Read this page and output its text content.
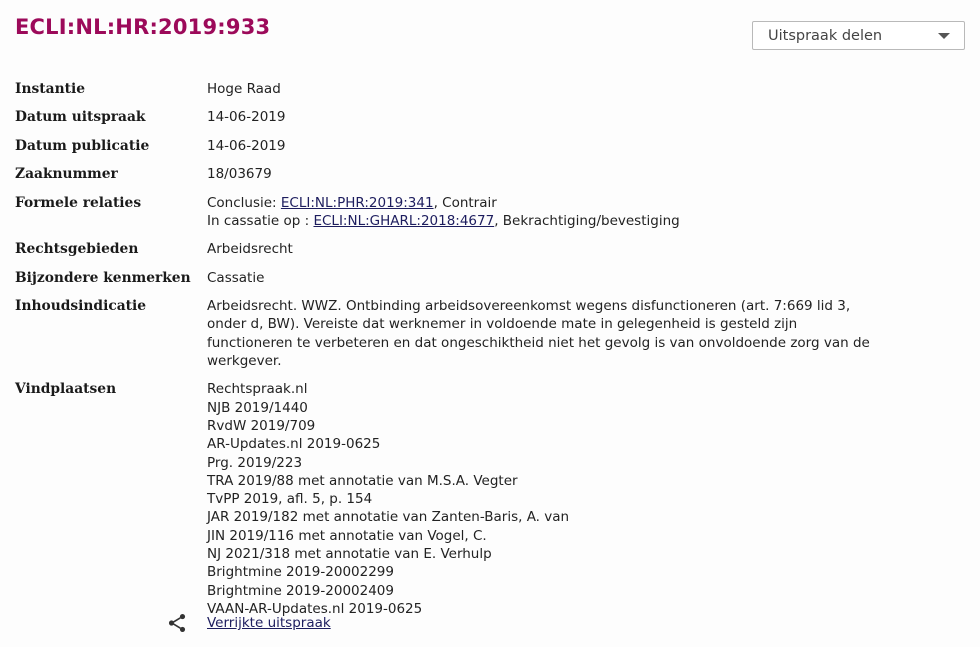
ECLI:NL:HR:2019:933	Uitspraak delen
Instantie	Hoge Raad
Datum uitspraak	14-06-2019
Datum publicatie	14-06-2019
Zaaknummer	18/03679
Formele relaties	Conclusie: ECLI:NL:PHR:2019:341, Contrair
In cassatie op : ECLI:NL:GHARL:2018:4677, Bekrachtiging/bevestiging
Rechtsgebieden	Arbeidsrecht
Bijzondere kenmerken	Cassatie
Inhoudsindicatie	Arbeidsrecht. WWZ. Ontbinding arbeidsovereenkomst wegens disfunctioneren (art. 7:669 lid 3,
onder d, BW). Vereiste dat werknemer in voldoende mate in gelegenheid is gesteld zijn
functioneren te verbeteren en dat ongeschiktheid niet het gevolg is van onvoldoende zorg van de
werkgever.
Vindplaatsen	Rechtspraak.nl
NJB 2019/1440
RvdW 2019/709
AR-Updates.nl 2019-0625
Prg. 2019/223
TRA 2019/88 met annotatie van M.S.A. Vegter
TvPP 2019, afl. 5, p. 154
JAR 2019/182 met annotatie van Zanten-Baris, A. van
JIN 2019/116 met annotatie van Vogel, C.
NJ 2021/318 met annotatie van E. Verhulp
Brightmine 2019-20002299
Brightmine 2019-20002409
VAAN-AR-Updates.nl 2019-0625
Verrijkte uitspraak
